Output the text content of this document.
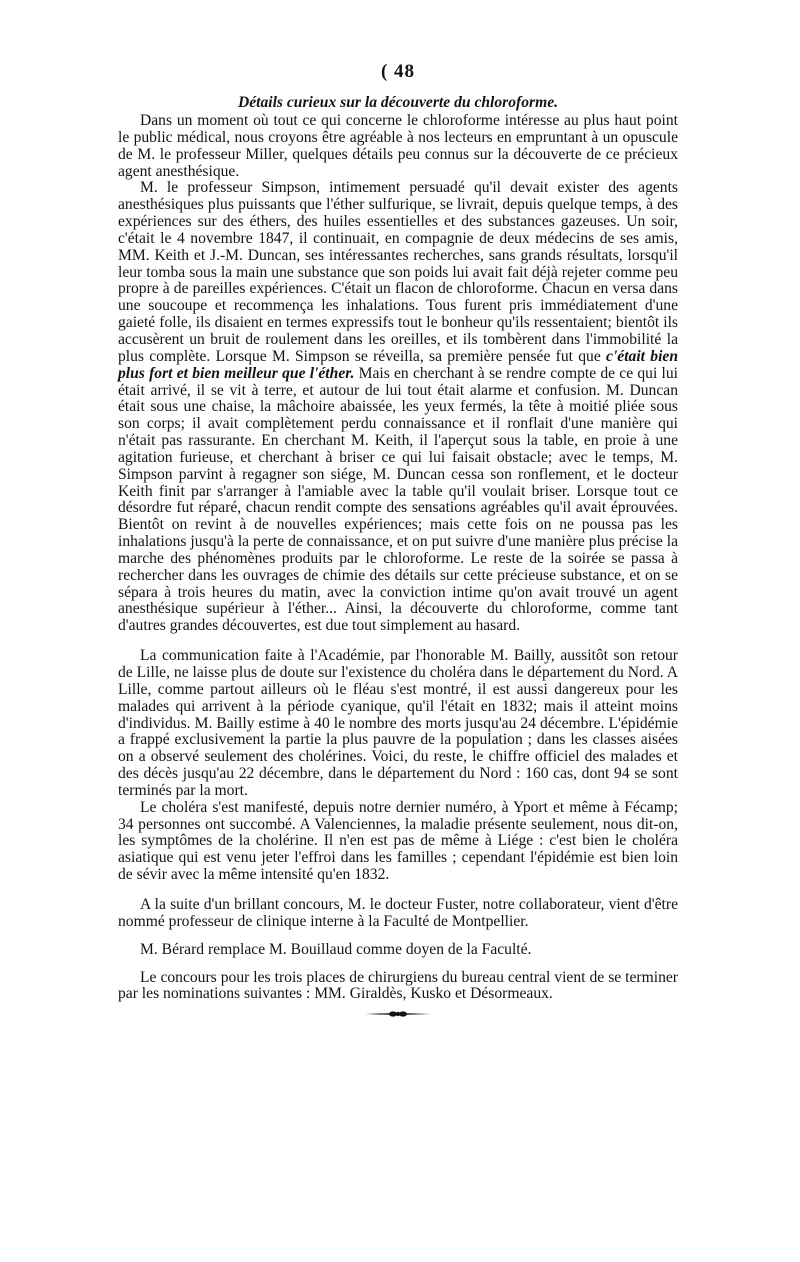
( 48
Détails curieux sur la découverte du chloroforme.

Dans un moment où tout ce qui concerne le chloroforme intéresse au plus haut point le public médical, nous croyons être agréable à nos lecteurs en empruntant à un opuscule de M. le professeur Miller, quelques détails peu connus sur la découverte de ce précieux agent anesthésique.

M. le professeur Simpson, intimement persuadé qu'il devait exister des agents anesthésiques plus puissants que l'éther sulfurique, se livrait, depuis quelque temps, à des expériences sur des éthers, des huiles essentielles et des substances gazeuses. Un soir, c'était le 4 novembre 1847, il continuait, en compagnie de deux médecins de ses amis, MM. Keith et J.-M. Duncan, ses intéressantes recherches, sans grands résultats, lorsqu'il leur tomba sous la main une substance que son poids lui avait fait déjà rejeter comme peu propre à de pareilles expériences. C'était un flacon de chloroforme. Chacun en versa dans une soucoupe et recommença les inhalations. Tous furent pris immédiatement d'une gaieté folle, ils disaient en termes expressifs tout le bonheur qu'ils ressentaient; bientôt ils accusèrent un bruit de roulement dans les oreilles, et ils tombèrent dans l'immobilité la plus complète. Lorsque M. Simpson se réveilla, sa première pensée fut que c'était bien plus fort et bien meilleur que l'éther. Mais en cherchant à se rendre compte de ce qui lui était arrivé, il se vit à terre, et autour de lui tout était alarme et confusion. M. Duncan était sous une chaise, la mâchoire abaissée, les yeux fermés, la tête à moitié pliée sous son corps; il avait complètement perdu connaissance et il ronflait d'une manière qui n'était pas rassurante. En cherchant M. Keith, il l'aperçut sous la table, en proie à une agitation furieuse, et cherchant à briser ce qui lui faisait obstacle; avec le temps, M. Simpson parvint à regagner son siége, M. Duncan cessa son ronflement, et le docteur Keith finit par s'arranger à l'amiable avec la table qu'il voulait briser. Lorsque tout ce désordre fut réparé, chacun rendit compte des sensations agréables qu'il avait éprouvées. Bientôt on revint à de nouvelles expériences; mais cette fois on ne poussa pas les inhalations jusqu'à la perte de connaissance, et on put suivre d'une manière plus précise la marche des phénomènes produits par le chloroforme. Le reste de la soirée se passa à rechercher dans les ouvrages de chimie des détails sur cette précieuse substance, et on se sépara à trois heures du matin, avec la conviction intime qu'on avait trouvé un agent anesthésique supérieur à l'éther... Ainsi, la découverte du chloroforme, comme tant d'autres grandes découvertes, est due tout simplement au hasard.

La communication faite à l'Académie, par l'honorable M. Bailly, aussitôt son retour de Lille, ne laisse plus de doute sur l'existence du choléra dans le département du Nord. A Lille, comme partout ailleurs où le fléau s'est montré, il est aussi dangereux pour les malades qui arrivent à la période cyanique, qu'il l'était en 1832; mais il atteint moins d'individus. M. Bailly estime à 40 le nombre des morts jusqu'au 24 décembre. L'épidémie a frappé exclusivement la partie la plus pauvre de la population ; dans les classes aisées on a observé seulement des cholérines. Voici, du reste, le chiffre officiel des malades et des décès jusqu'au 22 décembre, dans le département du Nord : 160 cas, dont 94 se sont terminés par la mort.

Le choléra s'est manifesté, depuis notre dernier numéro, à Yport et même à Fécamp; 34 personnes ont succombé. A Valenciennes, la maladie présente seulement, nous dit-on, les symptômes de la cholérine. Il n'en est pas de même à Liége : c'est bien le choléra asiatique qui est venu jeter l'effroi dans les familles ; cependant l'épidémie est bien loin de sévir avec la même intensité qu'en 1832.

A la suite d'un brillant concours, M. le docteur Fuster, notre collaborateur, vient d'être nommé professeur de clinique interne à la Faculté de Montpellier.

M. Bérard remplace M. Bouillaud comme doyen de la Faculté.

Le concours pour les trois places de chirurgiens du bureau central vient de se terminer par les nominations suivantes : MM. Giraldès, Kusko et Désormeaux.
